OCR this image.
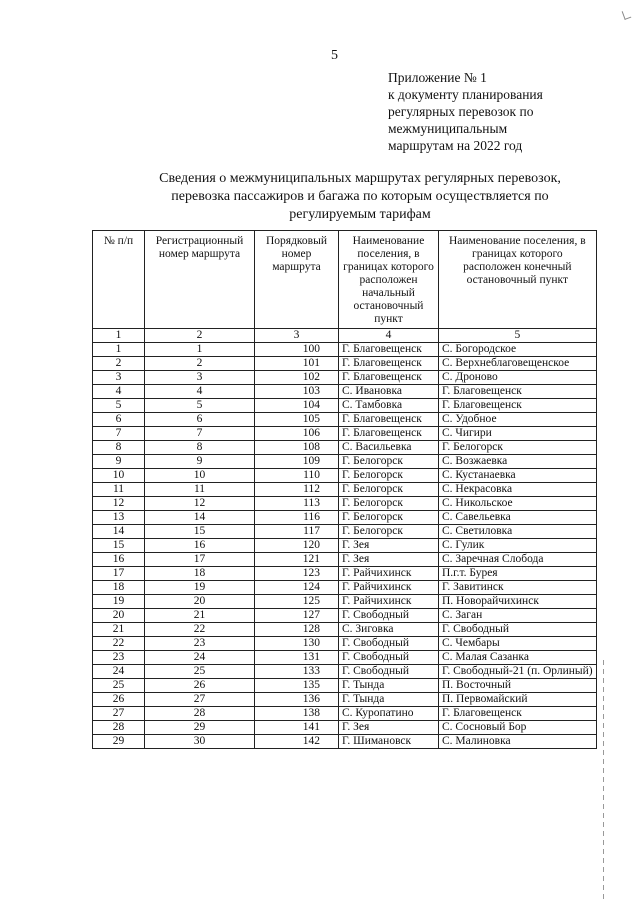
5
Приложение № 1
к документу планирования
регулярных перевозок по
межмуниципальным
маршрутам на 2022 год
Сведения о межмуниципальных маршрутах регулярных перевозок,
перевозка пассажиров и багажа по которым осуществляется по
регулируемым тарифам
№ п/п	Регистрационный номер маршрута	Порядковый номер маршрута	Наименование поселения, в границах которого расположен начальный остановочный пункт	Наименование поселения, в границах которого расположен конечный остановочный пункт
1	2	3	4	5
1	1	100	Г. Благовещенск	С. Богородское
2	2	101	Г. Благовещенск	С. Верхнеблаговещенское
3	3	102	Г. Благовещенск	С. Дроново
4	4	103	С. Ивановка	Г. Благовещенск
5	5	104	С. Тамбовка	Г. Благовещенск
6	6	105	Г. Благовещенск	С. Удобное
7	7	106	Г. Благовещенск	С. Чигири
8	8	108	С. Васильевка	Г. Белогорск
9	9	109	Г. Белогорск	С. Возжаевка
10	10	110	Г. Белогорск	С. Кустанаевка
11	11	112	Г. Белогорск	С. Некрасовка
12	12	113	Г. Белогорск	С. Никольское
13	14	116	Г. Белогорск	С. Савельевка
14	15	117	Г. Белогорск	С. Светиловка
15	16	120	Г. Зея	С. Гулик
16	17	121	Г. Зея	С. Заречная Слобода
17	18	123	Г. Райчихинск	П.г.т. Бурея
18	19	124	Г. Райчихинск	Г. Завитинск
19	20	125	Г. Райчихинск	П. Новорайчихинск
20	21	127	Г. Свободный	С. Заган
21	22	128	С. Зиговка	Г. Свободный
22	23	130	Г. Свободный	С. Чембары
23	24	131	Г. Свободный	С. Малая Сазанка
24	25	133	Г. Свободный	Г. Свободный-21 (п. Орлиный)
25	26	135	Г. Тында	П. Восточный
26	27	136	Г. Тында	П. Первомайский
27	28	138	С. Куропатино	Г. Благовещенск
28	29	141	Г. Зея	С. Сосновый Бор
29	30	142	Г. Шимановск	С. Малиновка
